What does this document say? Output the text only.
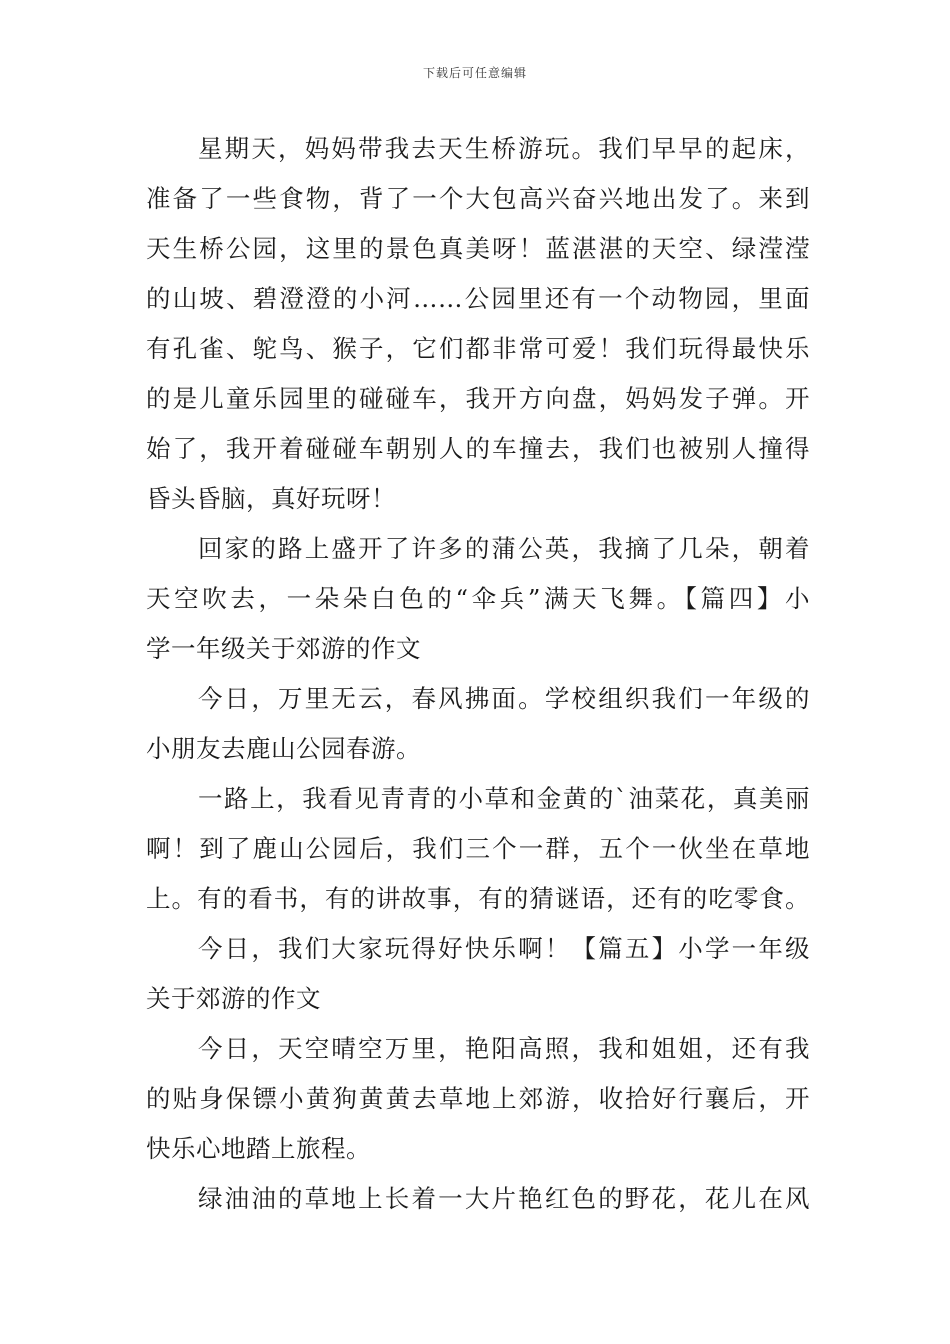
下载后可任意编辑
星期天，妈妈带我去天生桥游玩。我们早早的起床，
准备了一些食物，背了一个大包高兴奋兴地出发了。来到
天生桥公园，这里的景色真美呀！蓝湛湛的天空、绿滢滢
的山坡、碧澄澄的小河……公园里还有一个动物园，里面
有孔雀、鸵鸟、猴子，它们都非常可爱！我们玩得最快乐
的是儿童乐园里的碰碰车，我开方向盘，妈妈发子弹。开
始了，我开着碰碰车朝别人的车撞去，我们也被别人撞得
昏头昏脑，真好玩呀！
回家的路上盛开了许多的蒲公英，我摘了几朵，朝着
天空吹去，一朵朵白色的“伞兵”满天飞舞。【篇四】小
学一年级关于郊游的作文
今日，万里无云，春风拂面。学校组织我们一年级的
小朋友去鹿山公园春游。
一路上，我看见青青的小草和金黄的`油菜花，真美丽
啊！到了鹿山公园后，我们三个一群，五个一伙坐在草地
上。有的看书，有的讲故事，有的猜谜语，还有的吃零食。
今日，我们大家玩得好快乐啊！【篇五】小学一年级
关于郊游的作文
今日，天空晴空万里，艳阳高照，我和姐姐，还有我
的贴身保镖小黄狗黄黄去草地上郊游，收拾好行襄后，开
快乐心地踏上旅程。
绿油油的草地上长着一大片艳红色的野花，花儿在风
